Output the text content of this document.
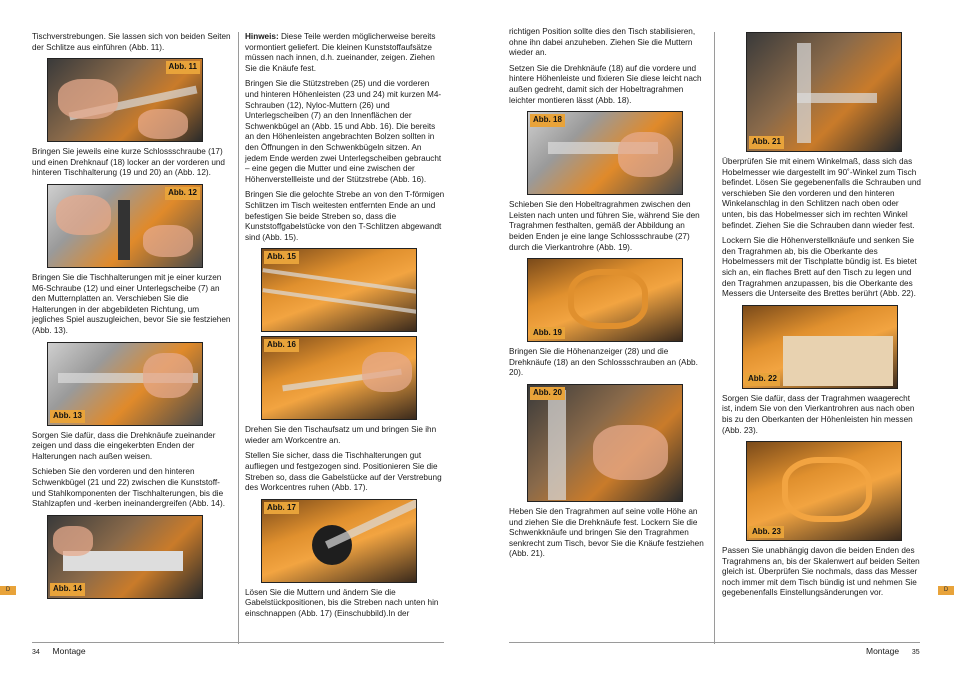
Tischverstrebungen. Sie lassen sich von beiden Seiten der Schlitze aus einführen (Abb. 11).

Abb. 11

Bringen Sie jeweils eine kurze Schlossschraube (17) und einen Drehknauf (18) locker an der vorderen und hinteren Tischhalterung (19 und 20) an (Abb. 12).

Abb. 12

Bringen Sie die Tischhalterungen mit je einer kurzen M6-Schraube (12) und einer Unterlegscheibe (7) an den Mutternplatten an. Verschieben Sie die Halterungen in der abgebildeten Richtung, um jegliches Spiel auszugleichen, bevor Sie sie festziehen (Abb. 13).

Abb. 13

Sorgen Sie dafür, dass die Drehknäufe zueinander zeigen und dass die eingekerbten Enden der Halterungen nach außen weisen.

Schieben Sie den vorderen und den hinteren Schwenkbügel (21 und 22) zwischen die Kunststoff- und Stahlkomponenten der Tischhalterungen, bis die Stahlzapfen und -kerben ineinandergreifen (Abb. 14).

Abb. 14

Hinweis: Diese Teile werden möglicherweise bereits vormontiert geliefert. Die kleinen Kunststoffaufsätze müssen nach innen, d.h. zueinander, zeigen. Ziehen Sie die Knäufe fest.

Bringen Sie die Stützstreben (25) und die vorderen und hinteren Höhenleisten (23 und 24) mit kurzen M4-Schrauben (12), Nyloc-Muttern (26) und Unterlegscheiben (7) an den Innenflächen der Schwenkbügel an (Abb. 15 und Abb. 16). Die bereits an den Höhenleisten angebrachten Bolzen sollten in den Öffnungen in den Schwenkbügeln sitzen. An jedem Ende werden zwei Unterlegscheiben gebraucht – eine gegen die Mutter und eine zwischen der Höhenverstellleiste und der Stützstrebe (Abb. 16).

Bringen Sie die gelochte Strebe an von den T-förmigen Schlitzen im Tisch weitesten entfernten Ende an und befestigen Sie beide Streben so, dass die Kunststoffgabelstücke von den T-Schlitzen abgewandt sind (Abb. 15).

Abb. 15
Abb. 16

Drehen Sie den Tischaufsatz um und bringen Sie ihn wieder am Workcentre an.

Stellen Sie sicher, dass die Tischhalterungen gut aufliegen und festgezogen sind. Positionieren Sie die Streben so, dass die Gabelstücke auf der Verstrebung des Workcentres ruhen (Abb. 17).

Abb. 17

Lösen Sie die Muttern und ändern Sie die Gabelstückpositionen, bis die Streben nach unten hin einschnappen (Abb. 17) (Einschubbild).In der

34 Montage
D

richtigen Position sollte dies den Tisch stabilisieren, ohne ihn dabei anzuheben. Ziehen Sie die Muttern wieder an.

Setzen Sie die Drehknäufe (18) auf die vordere und hintere Höhenleiste und fixieren Sie diese leicht nach außen gedreht, damit sich der Hobeltragrahmen leichter montieren lässt (Abb. 18).

Abb. 18

Schieben Sie den Hobeltragrahmen zwischen den Leisten nach unten und führen Sie, während Sie den Tragrahmen festhalten, gemäß der Abbildung an beiden Enden je eine lange Schlossschraube (27) durch die Vierkantrohre (Abb. 19).

Abb. 19

Bringen Sie die Höhenanzeiger (28) und die Drehknäufe (18) an den Schlossschrauben an (Abb. 20).

Abb. 20

Heben Sie den Tragrahmen auf seine volle Höhe an und ziehen Sie die Drehknäufe fest. Lockern Sie die Schwenkknäufe und bringen Sie den Tragrahmen senkrecht zum Tisch, bevor Sie die Knäufe festziehen (Abb. 21).

Abb. 21

Überprüfen Sie mit einem Winkelmaß, dass sich das Hobelmesser wie dargestellt im 90˚-Winkel zum Tisch befindet. Lösen Sie gegebenenfalls die Schrauben und verschieben Sie den vorderen und den hinteren Winkelanschlag in den Schlitzen nach oben oder unten, bis das Hobelmesser sich im rechten Winkel befindet. Ziehen Sie die Schrauben dann wieder fest.

Lockern Sie die Höhenverstellknäufe und senken Sie den Tragrahmen ab, bis die Oberkante des Hobelmessers mit der Tischplatte bündig ist. Es bietet sich an, ein flaches Brett auf den Tisch zu legen und den Tragrahmen anzupassen, bis die Oberkante des Messers die Unterseite des Brettes berührt (Abb. 22).

Abb. 22

Sorgen Sie dafür, dass der Tragrahmen waagerecht ist, indem Sie von den Vierkantrohren aus nach oben bis zu den Oberkanten der Höhenleisten hin messen (Abb. 23).

Abb. 23

Passen Sie unabhängig davon die beiden Enden des Tragrahmens an, bis der Skalenwert auf beiden Seiten gleich ist. Überprüfen Sie nochmals, dass das Messer noch immer mit dem Tisch bündig ist und nehmen Sie gegebenenfalls Einstellungsänderungen vor.

Montage 35
D
